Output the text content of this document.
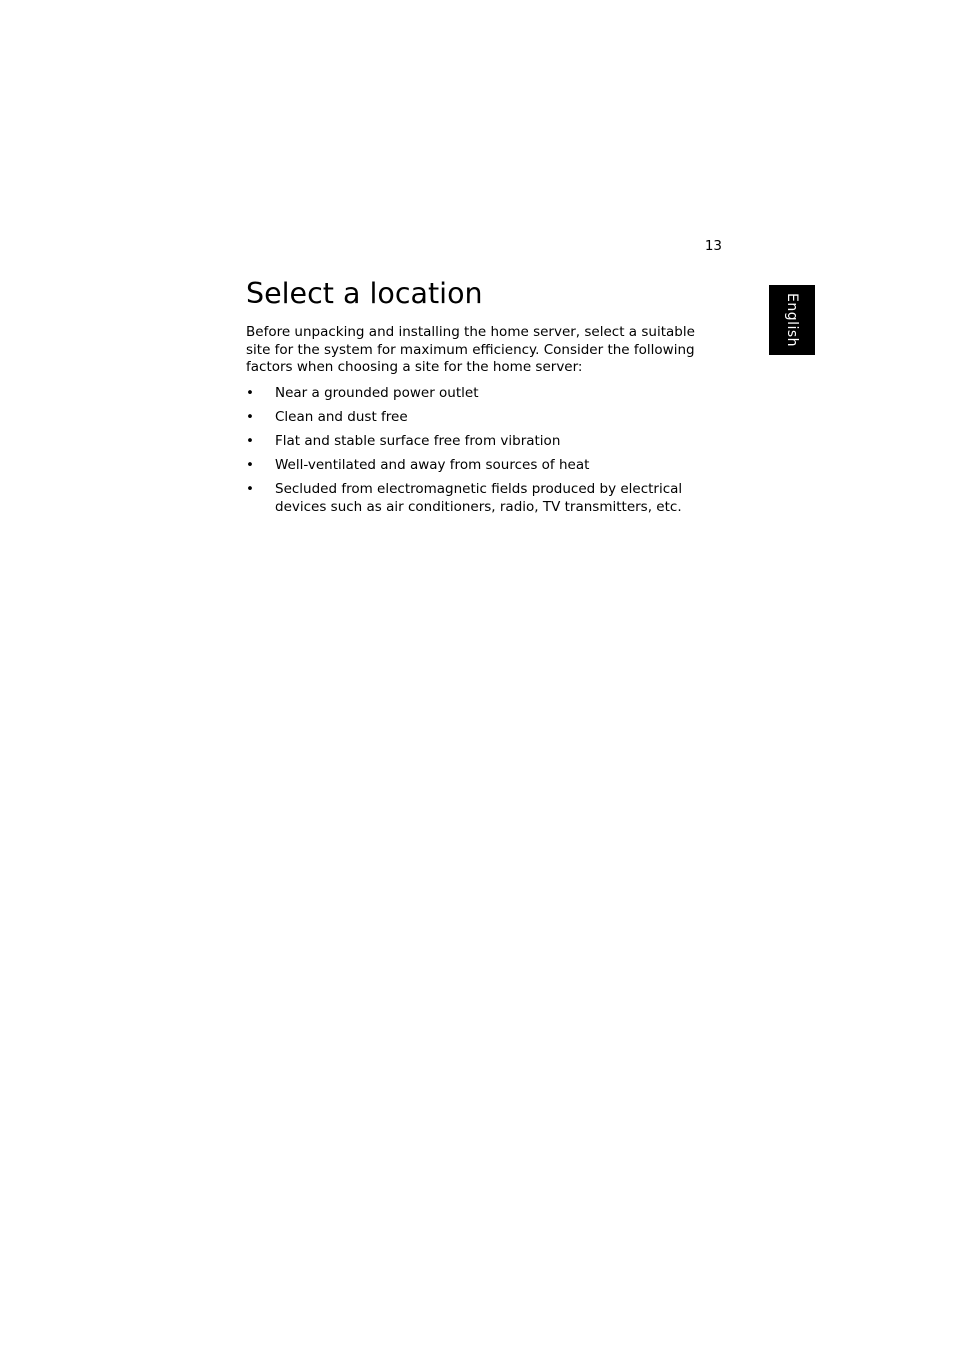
13
English
Select a location

Before unpacking and installing the home server, select a suitable site for the system for maximum efficiency. Consider the following factors when choosing a site for the home server:

• Near a grounded power outlet
• Clean and dust free
• Flat and stable surface free from vibration
• Well-ventilated and away from sources of heat
• Secluded from electromagnetic fields produced by electrical devices such as air conditioners, radio, TV transmitters, etc.
